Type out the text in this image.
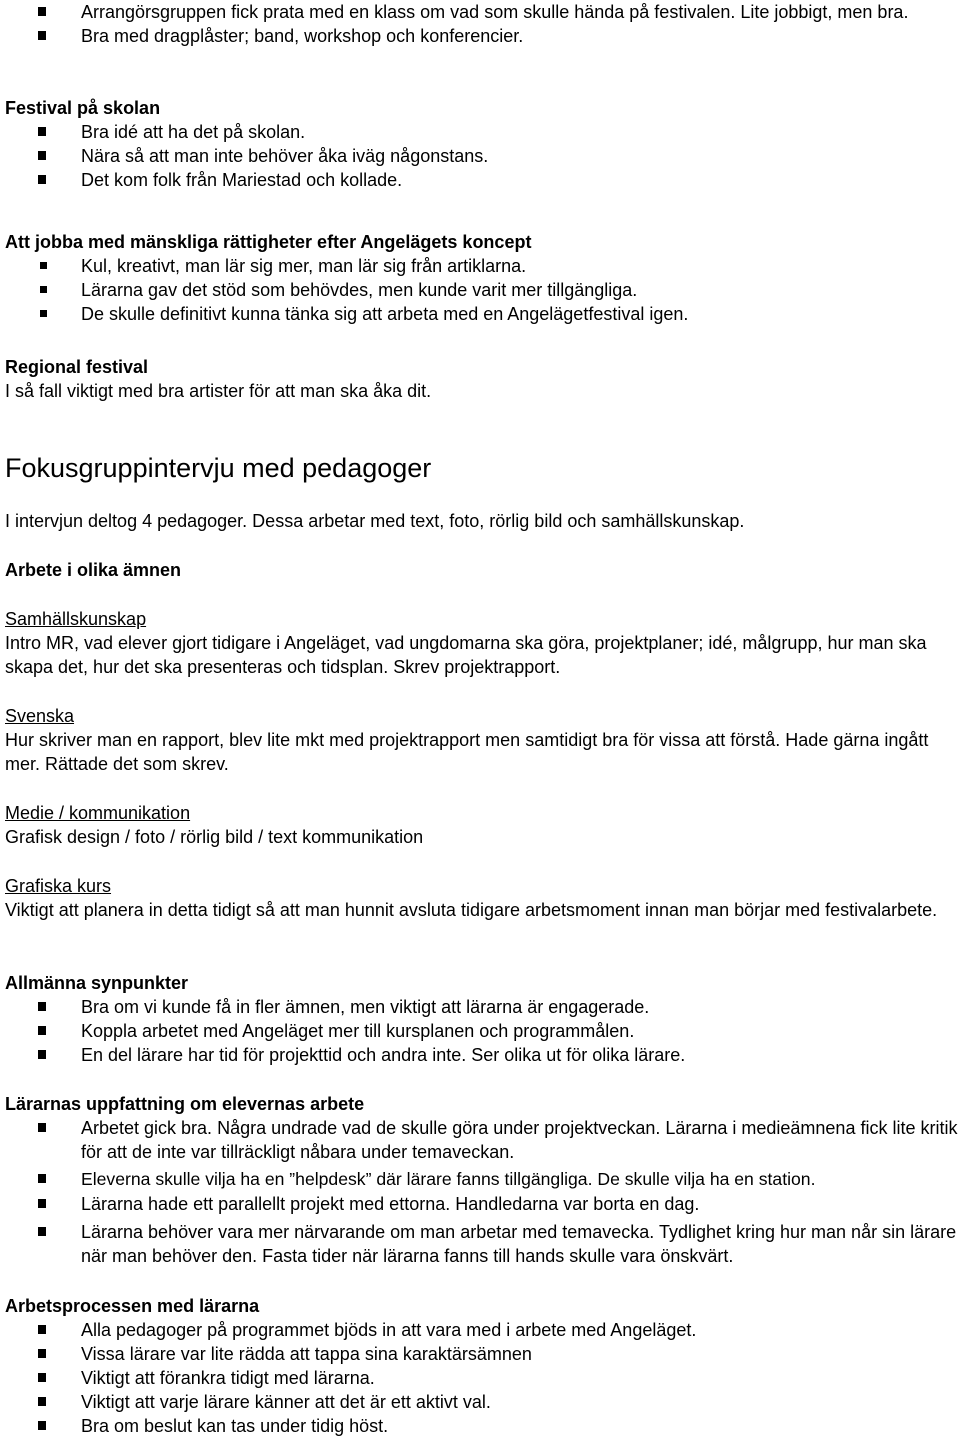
Arrangörsgruppen fick prata med en klass om vad som skulle hända på festivalen. Lite jobbigt, men bra.
Bra med dragplåster; band, workshop och konferencier.
Festival på skolan
Bra idé att ha det på skolan.
Nära så att man inte behöver åka iväg någonstans.
Det kom folk från Mariestad och kollade.
Att jobba med mänskliga rättigheter efter Angelägets koncept
Kul, kreativt, man lär sig mer, man lär sig från artiklarna.
Lärarna gav det stöd som behövdes, men kunde varit mer tillgängliga.
De skulle definitivt kunna tänka sig att arbeta med en Angelägetfestival igen.
Regional festival

I så fall viktigt med bra artister för att man ska åka dit.

Fokusgruppintervju med pedagoger

I intervjun deltog 4 pedagoger. Dessa arbetar med text, foto, rörlig bild och samhällskunskap.

Arbete i olika ämnen

Samhällskunskap

Intro MR, vad elever gjort tidigare i Angeläget, vad ungdomarna ska göra, projektplaner; idé, målgrupp, hur man ska skapa det, hur det ska presenteras och tidsplan. Skrev projektrapport.

Svenska

Hur skriver man en rapport, blev lite mkt med projektrapport men samtidigt bra för vissa att förstå. Hade gärna ingått mer. Rättade det som skrev.

Medie / kommunikation

Grafisk design / foto / rörlig bild / text kommunikation

Grafiska kurs

Viktigt att planera in detta tidigt så att man hunnit avsluta tidigare arbetsmoment innan man börjar med festivalarbete.

Allmänna synpunkter
Bra om vi kunde få in fler ämnen, men viktigt att lärarna är engagerade.
Koppla arbetet med Angeläget mer till kursplanen och programmålen.
En del lärare har tid för projekttid och andra inte. Ser olika ut för olika lärare.
Lärarnas uppfattning om elevernas arbete
Arbetet gick bra. Några undrade vad de skulle göra under projektveckan. Lärarna i medieämnena fick lite kritik för att de inte var tillräckligt nåbara under temaveckan.
Eleverna skulle vilja ha en ”helpdesk” där lärare fanns tillgängliga. De skulle vilja ha en station.
Lärarna hade ett parallellt projekt med ettorna. Handledarna var borta en dag.
Lärarna behöver vara mer närvarande om man arbetar med temavecka. Tydlighet kring hur man når sin lärare när man behöver den. Fasta tider när lärarna fanns till hands skulle vara önskvärt.
Arbetsprocessen med lärarna
Alla pedagoger på programmet bjöds in att vara med i arbete med Angeläget.
Vissa lärare var lite rädda att tappa sina karaktärsämnen
Viktigt att förankra tidigt med lärarna.
Viktigt att varje lärare känner att det är ett aktivt val.
Bra om beslut kan tas under tidig höst.
